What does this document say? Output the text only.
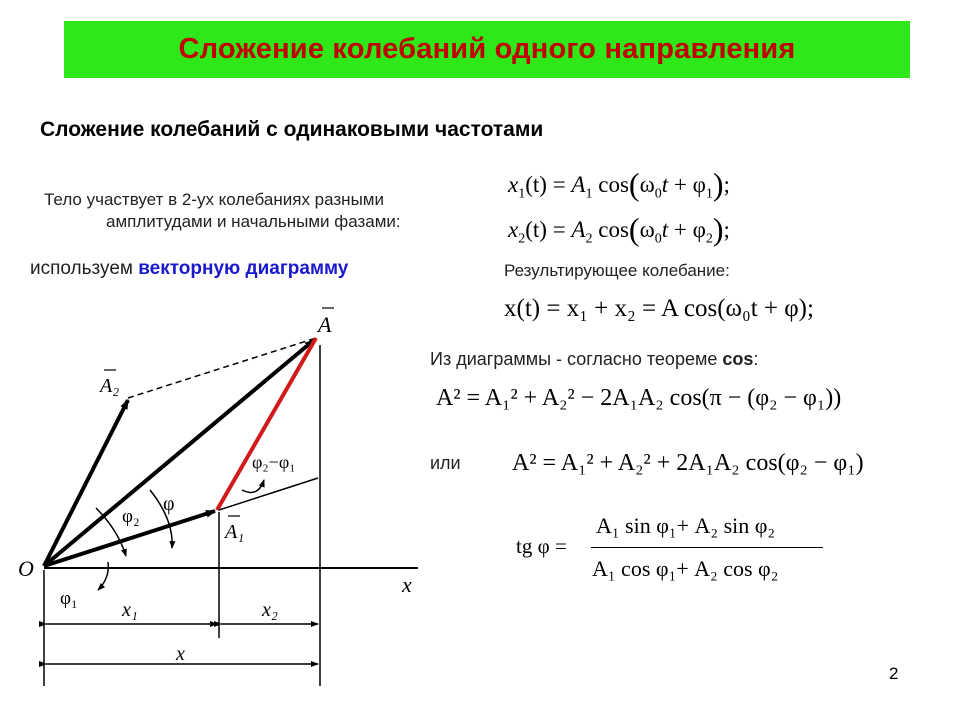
Сложение колебаний одного направления
Сложение колебаний с одинаковыми частотами
Тело участвует в 2-ух колебаниях разными
амплитудами и начальными фазами:
используем векторную диаграмму
$x_1(t) = A_1$ $\cos(\omega_0t + \varphi_1)$;
$x_2(t) = A_2$ $\cos(\omega_0t + \varphi_2)$;
Результирующее колебание:
x(t) = x₁ + x₂ = A cos(ω₀t + φ);
Из диаграммы - согласно теореме cos:
A² = A₁² + A₂² − 2A₁A₂ cos(π − (φ₂ − φ₁))
или A² = A₁² + A₂² + 2A₁A₂ cos(φ₂ − φ₁)
tg φ =
A₁ sin φ₁+ A₂ sin φ₂
A₁ cos φ₁+ A₂ cos φ₂
O
x
A
A₂
A₁
φ₂−φ₁
φ
φ₂
φ₁
x₁	x₂
x
2
